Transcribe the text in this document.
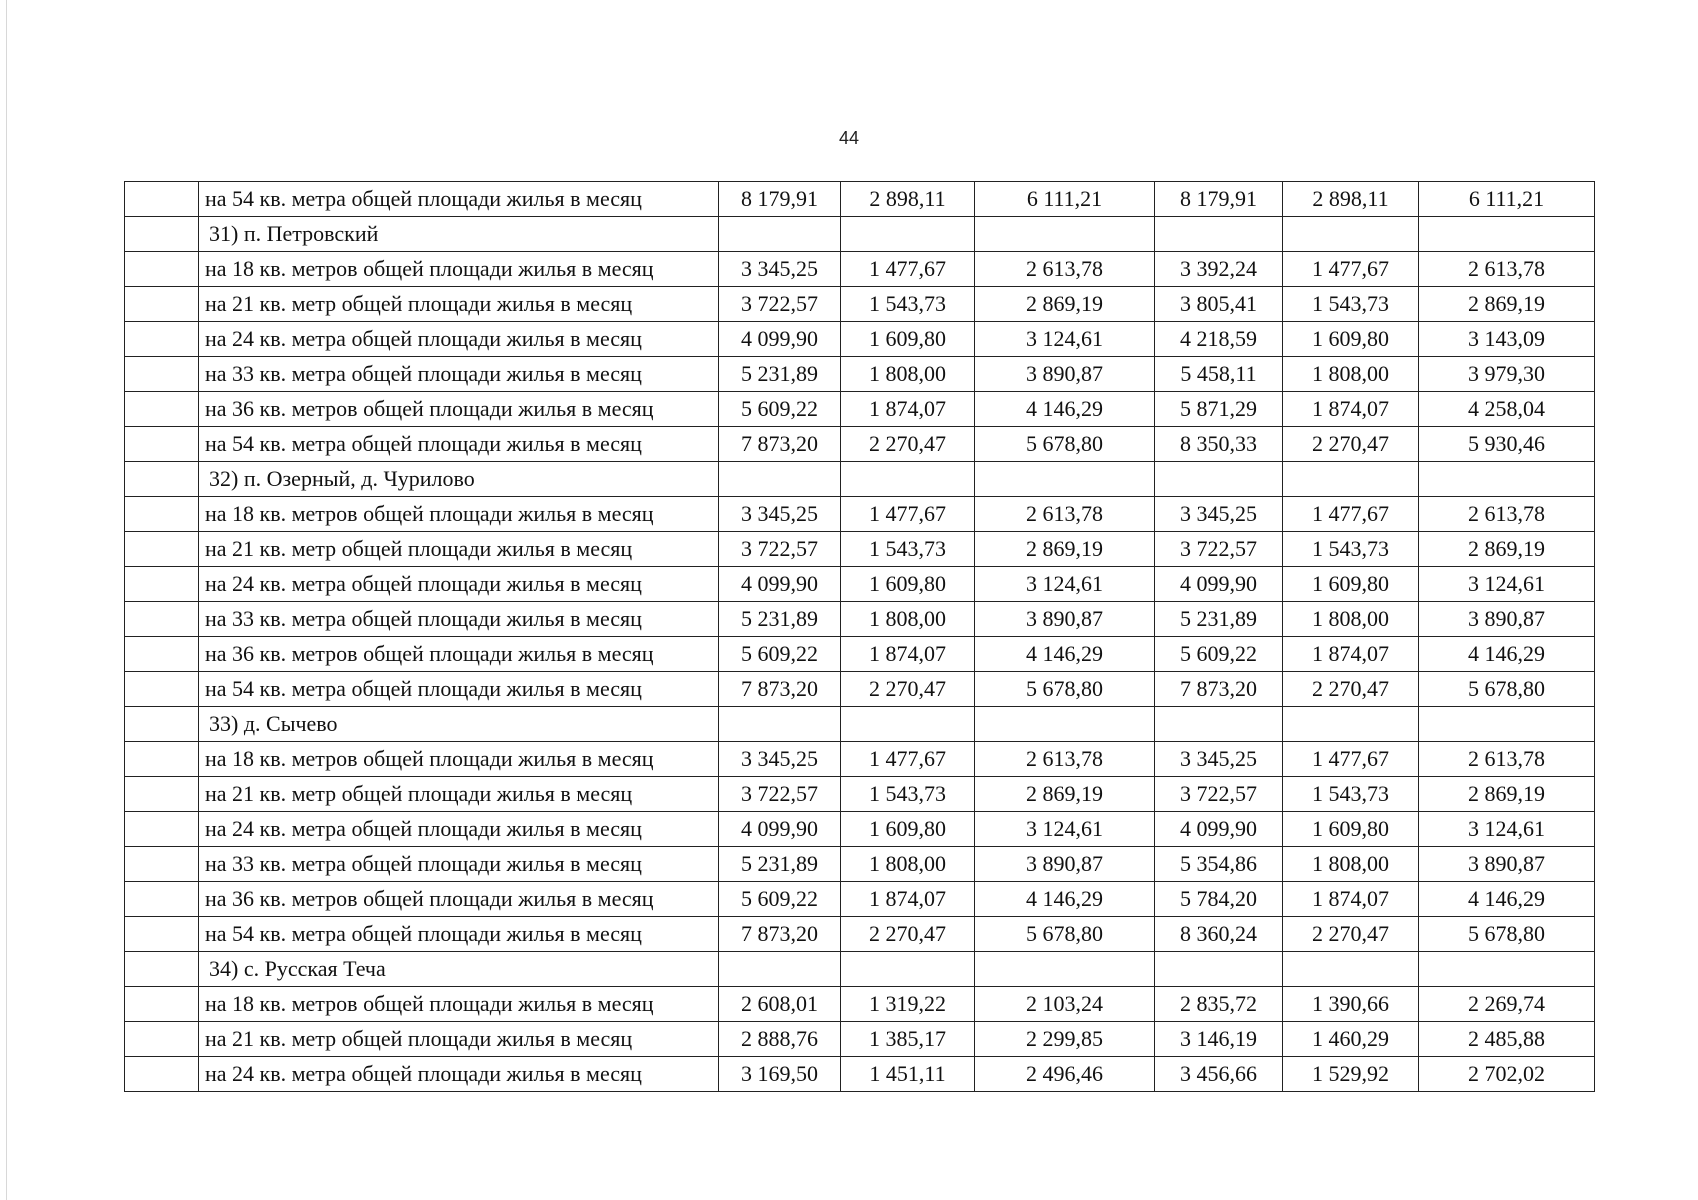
44
	на 54 кв. метра общей площади жилья в месяц	8 179,91	2 898,11	6 111,21	8 179,91	2 898,11	6 111,21
	31) п. Петровский						
	на 18 кв. метров общей площади жилья в месяц	3 345,25	1 477,67	2 613,78	3 392,24	1 477,67	2 613,78
	на 21 кв. метр общей площади жилья в месяц	3 722,57	1 543,73	2 869,19	3 805,41	1 543,73	2 869,19
	на 24 кв. метра общей площади жилья в месяц	4 099,90	1 609,80	3 124,61	4 218,59	1 609,80	3 143,09
	на 33 кв. метра общей площади жилья в месяц	5 231,89	1 808,00	3 890,87	5 458,11	1 808,00	3 979,30
	на 36 кв. метров общей площади жилья в месяц	5 609,22	1 874,07	4 146,29	5 871,29	1 874,07	4 258,04
	на 54 кв. метра общей площади жилья в месяц	7 873,20	2 270,47	5 678,80	8 350,33	2 270,47	5 930,46
	32) п. Озерный, д. Чурилово						
	на 18 кв. метров общей площади жилья в месяц	3 345,25	1 477,67	2 613,78	3 345,25	1 477,67	2 613,78
	на 21 кв. метр общей площади жилья в месяц	3 722,57	1 543,73	2 869,19	3 722,57	1 543,73	2 869,19
	на 24 кв. метра общей площади жилья в месяц	4 099,90	1 609,80	3 124,61	4 099,90	1 609,80	3 124,61
	на 33 кв. метра общей площади жилья в месяц	5 231,89	1 808,00	3 890,87	5 231,89	1 808,00	3 890,87
	на 36 кв. метров общей площади жилья в месяц	5 609,22	1 874,07	4 146,29	5 609,22	1 874,07	4 146,29
	на 54 кв. метра общей площади жилья в месяц	7 873,20	2 270,47	5 678,80	7 873,20	2 270,47	5 678,80
	33) д. Сычево						
	на 18 кв. метров общей площади жилья в месяц	3 345,25	1 477,67	2 613,78	3 345,25	1 477,67	2 613,78
	на 21 кв. метр общей площади жилья в месяц	3 722,57	1 543,73	2 869,19	3 722,57	1 543,73	2 869,19
	на 24 кв. метра общей площади жилья в месяц	4 099,90	1 609,80	3 124,61	4 099,90	1 609,80	3 124,61
	на 33 кв. метра общей площади жилья в месяц	5 231,89	1 808,00	3 890,87	5 354,86	1 808,00	3 890,87
	на 36 кв. метров общей площади жилья в месяц	5 609,22	1 874,07	4 146,29	5 784,20	1 874,07	4 146,29
	на 54 кв. метра общей площади жилья в месяц	7 873,20	2 270,47	5 678,80	8 360,24	2 270,47	5 678,80
	34) с. Русская Теча						
	на 18 кв. метров общей площади жилья в месяц	2 608,01	1 319,22	2 103,24	2 835,72	1 390,66	2 269,74
	на 21 кв. метр общей площади жилья в месяц	2 888,76	1 385,17	2 299,85	3 146,19	1 460,29	2 485,88
	на 24 кв. метра общей площади жилья в месяц	3 169,50	1 451,11	2 496,46	3 456,66	1 529,92	2 702,02
